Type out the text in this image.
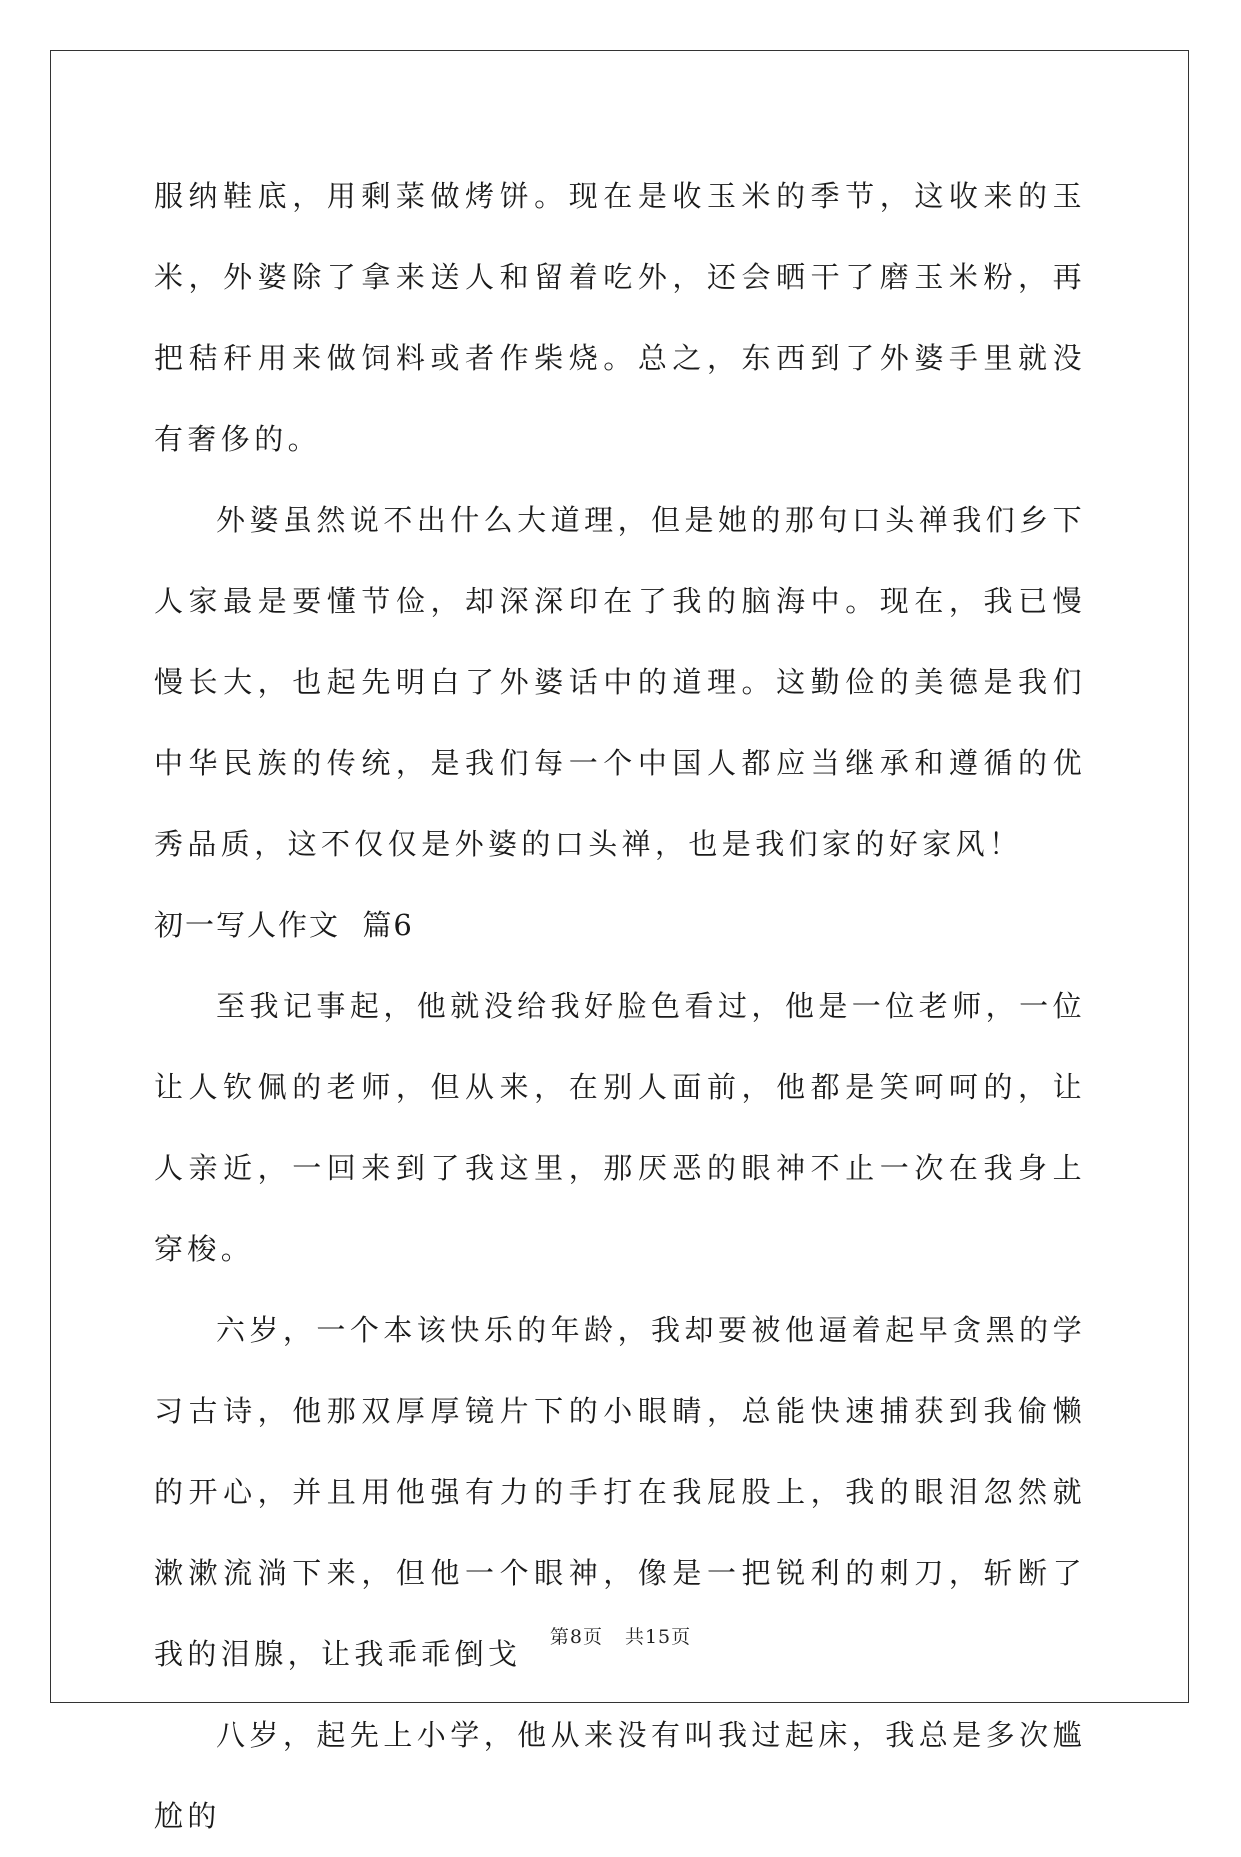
服纳鞋底，用剩菜做烤饼。现在是收玉米的季节，这收来的玉米，外婆除了拿来送人和留着吃外，还会晒干了磨玉米粉，再把秸秆用来做饲料或者作柴烧。总之，东西到了外婆手里就没有奢侈的。

外婆虽然说不出什么大道理，但是她的那句口头禅我们乡下人家最是要懂节俭，却深深印在了我的脑海中。现在，我已慢慢长大，也起先明白了外婆话中的道理。这勤俭的美德是我们中华民族的传统，是我们每一个中国人都应当继承和遵循的优秀品质，这不仅仅是外婆的口头禅，也是我们家的好家风！

初一写人作文  篇6

至我记事起，他就没给我好脸色看过，他是一位老师，一位让人钦佩的老师，但从来，在别人面前，他都是笑呵呵的，让人亲近，一回来到了我这里，那厌恶的眼神不止一次在我身上穿梭。

六岁，一个本该快乐的年龄，我却要被他逼着起早贪黑的学习古诗，他那双厚厚镜片下的小眼睛，总能快速捕获到我偷懒的开心，并且用他强有力的手打在我屁股上，我的眼泪忽然就漱漱流淌下来，但他一个眼神，像是一把锐利的刺刀，斩断了我的泪腺，让我乖乖倒戈

八岁，起先上小学，他从来没有叫我过起床，我总是多次尴尬的

第8页 共15页
